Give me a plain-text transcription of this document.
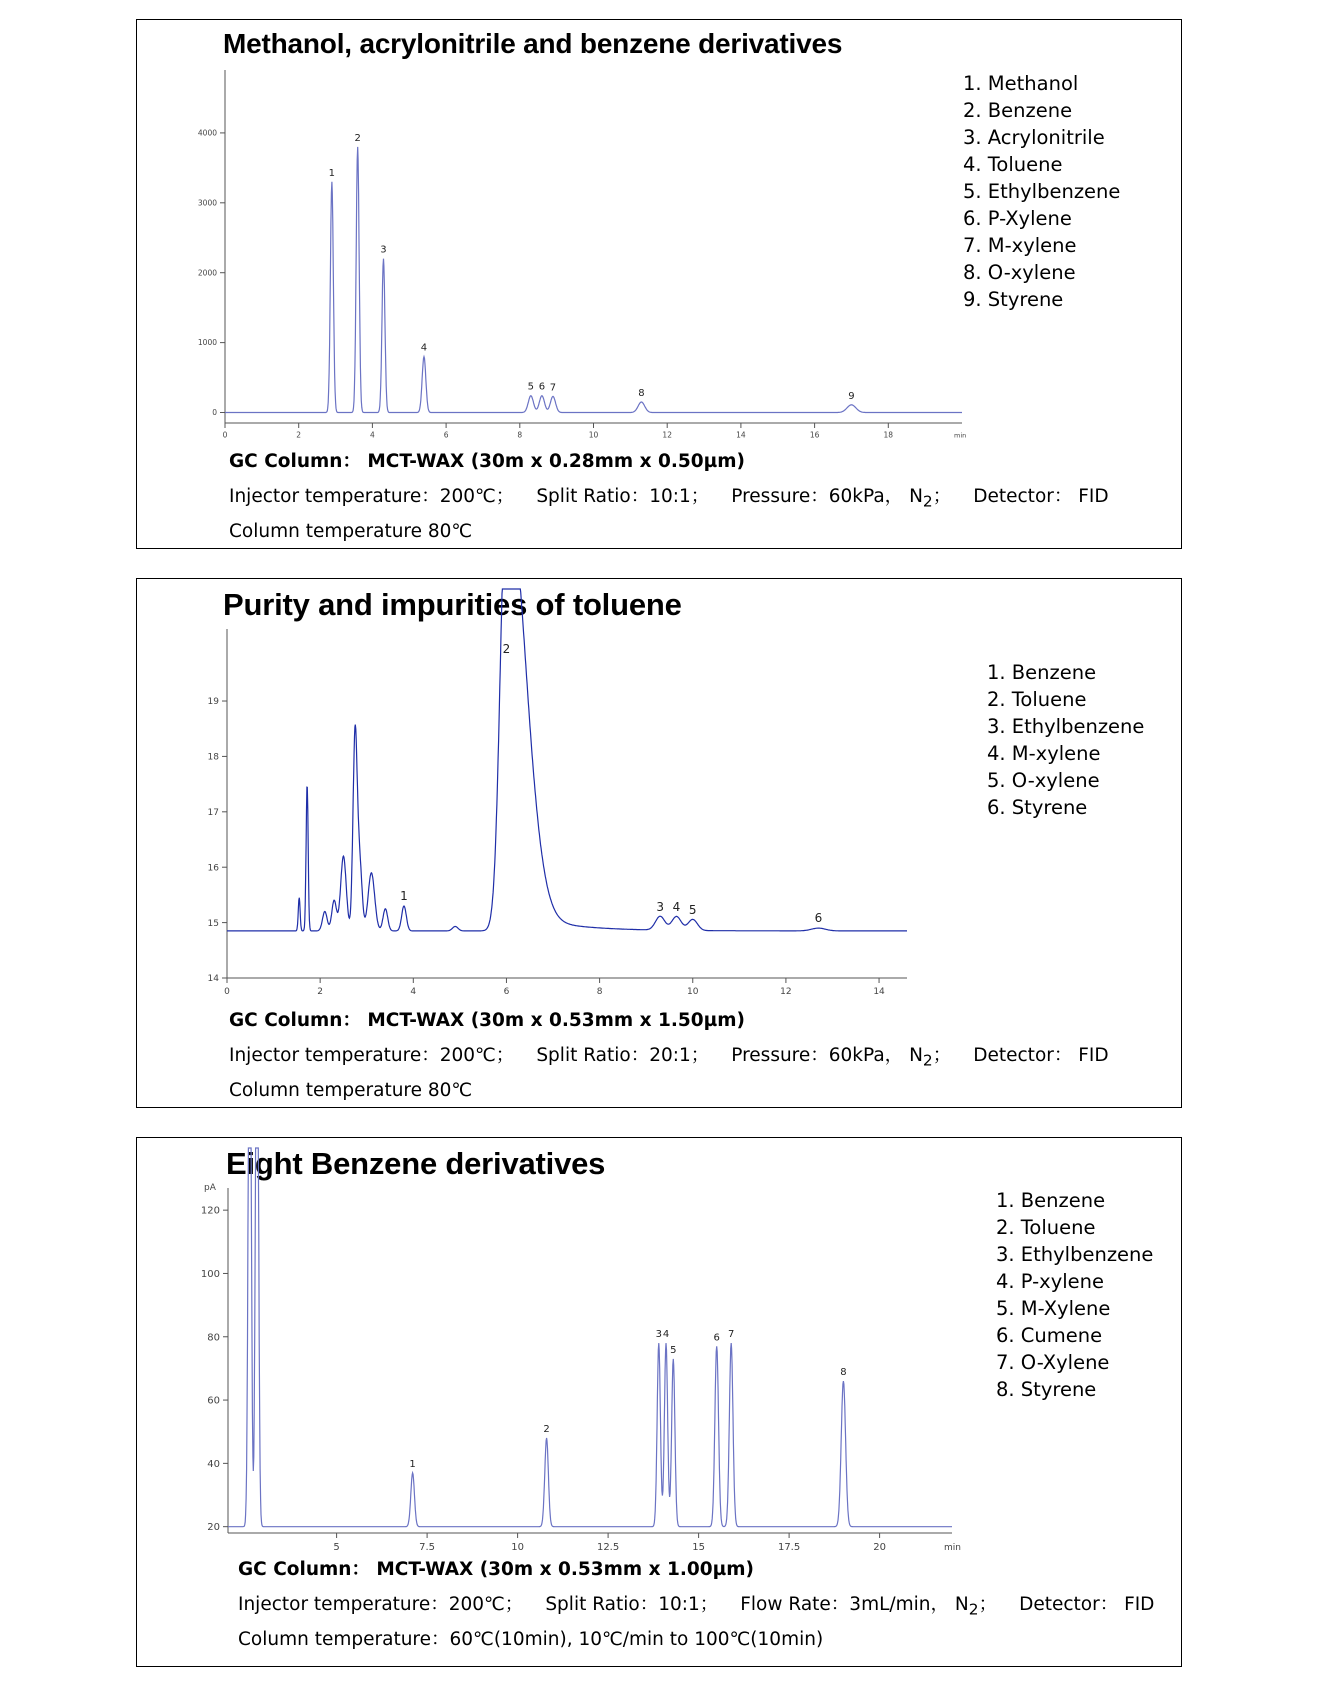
Methanol, acrylonitrile and benzene derivatives
0	2	4	6	8	10	12	14	16	18	min
0
1000
2000
3000
4000
1
2
3
4
5 6 7
8	9
1. Methanol
2. Benzene
3. Acrylonitrile
4. Toluene
5. Ethylbenzene
6. P-Xylene
7. M-xylene
8. O-xylene
9. Styrene

GC Column： MCT-WAX (30m x 0.28mm x 0.50µm)

Injector temperature：200℃； Split Ratio：10:1； Pressure：60kPa， $N_2$； Detector： FID

Column temperature 80℃

Purity and impurities of toluene
0	2	4	6	8	10	12	14
14
15
16
17
18
19
1
2
3 4 5
6
1. Benzene
2. Toluene
3. Ethylbenzene
4. M-xylene
5. O-xylene
6. Styrene

GC Column： MCT-WAX (30m x 0.53mm x 1.50µm)

Injector temperature：200℃； Split Ratio：20:1； Pressure：60kPa， $N_2$； Detector： FID

Column temperature 80℃

Eight Benzene derivatives
5	7.5	10	12.5	15	17.5	20	min
20
40
60
80
100
120
pA
1
2
3 4
5
6 7
8
1. Benzene
2. Toluene
3. Ethylbenzene
4. P-xylene
5. M-Xylene
6. Cumene
7. O-Xylene
8. Styrene

GC Column： MCT-WAX (30m x 0.53mm x 1.00µm)

Injector temperature：200℃； Split Ratio：10:1； Flow Rate：3mL/min， $N_2$； Detector： FID

Column temperature：60℃(10min), 10℃/min to 100℃(10min)
